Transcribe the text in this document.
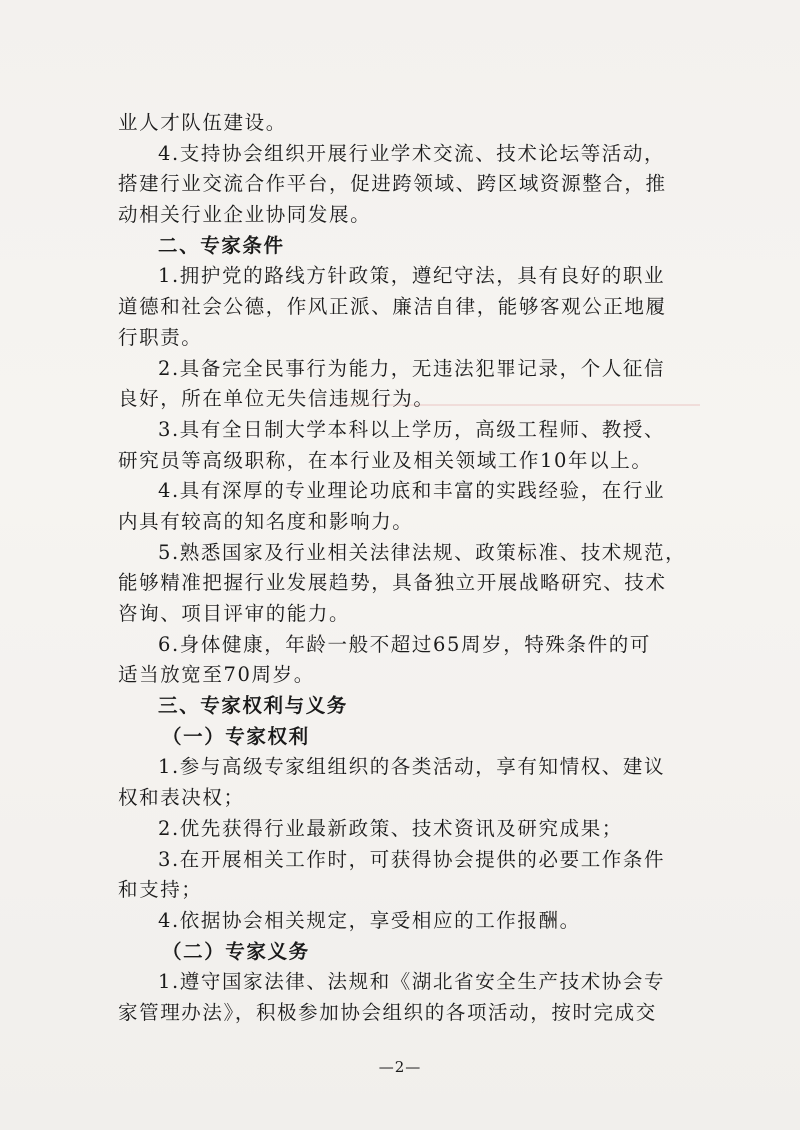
业人才队伍建设。
4.支持协会组织开展行业学术交流、技术论坛等活动，
搭建行业交流合作平台，促进跨领域、跨区域资源整合，推
动相关行业企业协同发展。
二、专家条件
1.拥护党的路线方针政策，遵纪守法，具有良好的职业
道德和社会公德，作风正派、廉洁自律，能够客观公正地履
行职责。
2.具备完全民事行为能力，无违法犯罪记录，个人征信
良好，所在单位无失信违规行为。
3.具有全日制大学本科以上学历，高级工程师、教授、
研究员等高级职称，在本行业及相关领域工作10年以上。
4.具有深厚的专业理论功底和丰富的实践经验，在行业
内具有较高的知名度和影响力。
5.熟悉国家及行业相关法律法规、政策标准、技术规范，
能够精准把握行业发展趋势，具备独立开展战略研究、技术
咨询、项目评审的能力。
6.身体健康，年龄一般不超过65周岁，特殊条件的可
适当放宽至70周岁。
三、专家权利与义务
（一）专家权利
1.参与高级专家组组织的各类活动，享有知情权、建议
权和表决权；
2.优先获得行业最新政策、技术资讯及研究成果；
3.在开展相关工作时，可获得协会提供的必要工作条件
和支持；
4.依据协会相关规定，享受相应的工作报酬。
（二）专家义务
1.遵守国家法律、法规和《湖北省安全生产技术协会专
家管理办法》，积极参加协会组织的各项活动，按时完成交
—2—
